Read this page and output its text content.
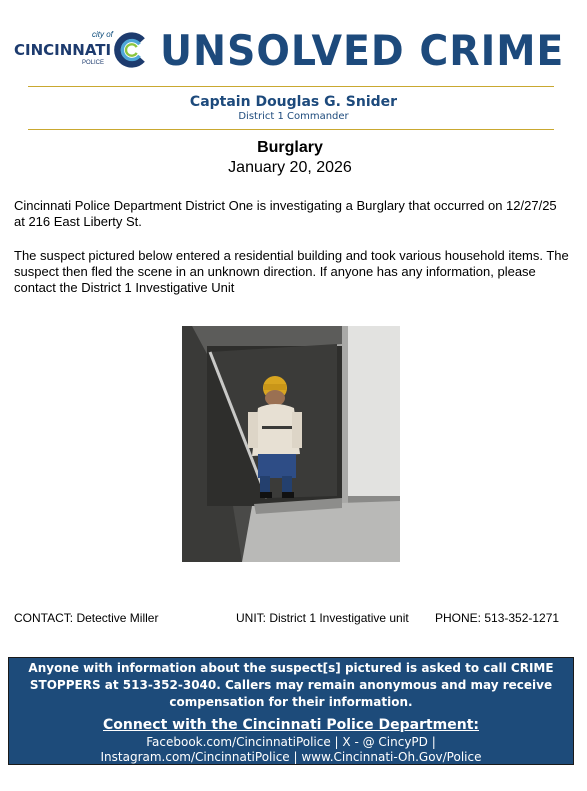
city of
CINCINNATI
POLICE UNSOLVED CRIME
Captain Douglas G. Snider
District 1 Commander
Burglary
January 20, 2026
Cincinnati Police Department District One is investigating a Burglary that occurred on 12/27/25 at 216 East Liberty St.
The suspect pictured below entered a residential building and took various household items. The suspect then fled the scene in an unknown direction. If anyone has any information, please contact the District 1 Investigative Unit
CONTACT: Detective Miller	UNIT: District 1 Investigative unit PHONE: 513-352-1271
Anyone with information about the suspect[s] pictured is asked to call CRIME STOPPERS at 513-352-3040. Callers may remain anonymous and may receive compensation for their information.
Connect with the Cincinnati Police Department:
Facebook.com/CincinnatiPolice | X - @ CincyPD |
Instagram.com/CincinnatiPolice | www.Cincinnati-Oh.Gov/Police
